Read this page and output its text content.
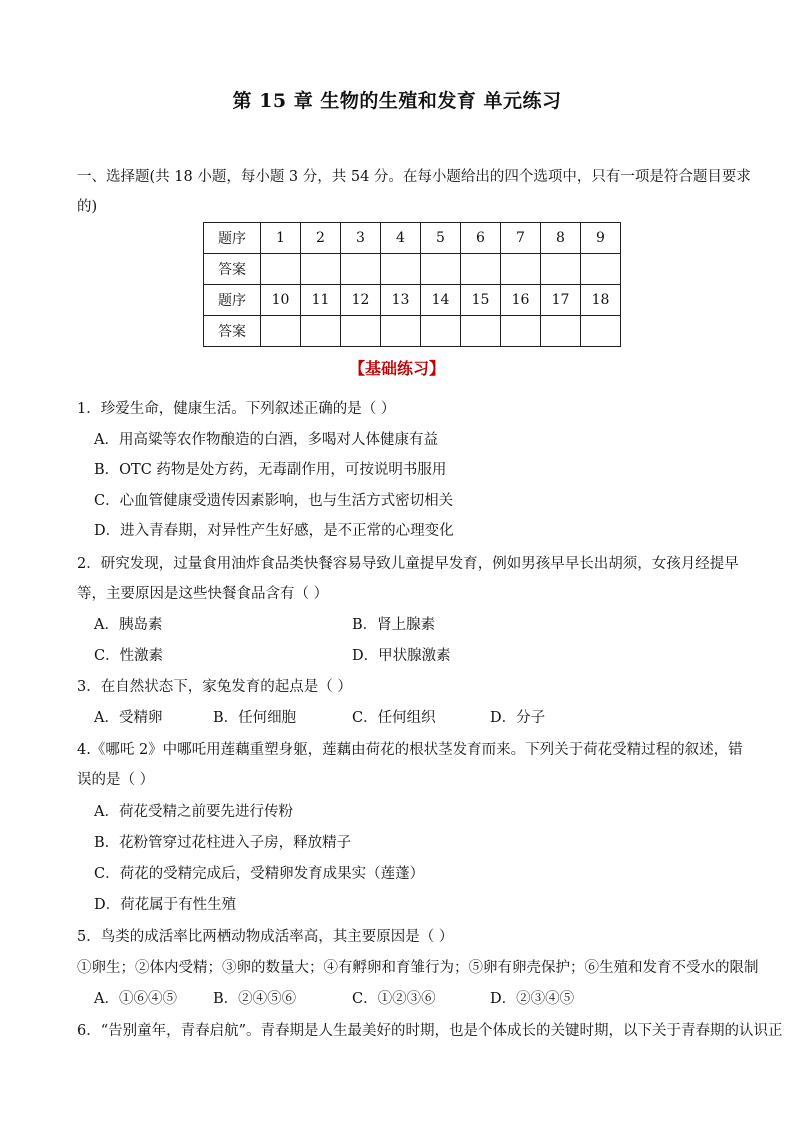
第 15 章 生物的生殖和发育 单元练习
一、选择题(共 18 小题，每小题 3 分，共 54 分。在每小题给出的四个选项中，只有一项是符合题目要求的)
题序	1	2	3	4	5	6	7	8	9
答案									
题序	10	11	12	13	14	15	16	17	18
答案									
【基础练习】
1．珍爱生命，健康生活。下列叙述正确的是（ ）
A．用高粱等农作物酿造的白酒，多喝对人体健康有益
B．OTC 药物是处方药，无毒副作用，可按说明书服用
C．心血管健康受遗传因素影响，也与生活方式密切相关
D．进入青春期，对异性产生好感，是不正常的心理变化
2．研究发现，过量食用油炸食品类快餐容易导致儿童提早发育，例如男孩早早长出胡须，女孩月经提早等，主要原因是这些快餐食品含有（ ）
A．胰岛素	B．肾上腺素
C．性激素	D．甲状腺激素
3．在自然状态下，家兔发育的起点是（ ）
A．受精卵	B．任何细胞	C．任何组织	D．分子
4.《哪吒 2》中哪吒用莲藕重塑身躯，莲藕由荷花的根状茎发育而来。下列关于荷花受精过程的叙述，错误的是（ ）
A．荷花受精之前要先进行传粉
B．花粉管穿过花柱进入子房，释放精子
C．荷花的受精完成后，受精卵发育成果实（莲蓬）
D．荷花属于有性生殖
5．鸟类的成活率比两栖动物成活率高，其主要原因是（ ）
①卵生；②体内受精；③卵的数量大；④有孵卵和育雏行为；⑤卵有卵壳保护；⑥生殖和发育不受水的限制
A．①⑥④⑤ B．②④⑤⑥	C．①②③⑥	D．②③④⑤
6．“告别童年，青春启航”。青春期是人生最美好的时期，也是个体成长的关键时期，以下关于青春期的认识正
